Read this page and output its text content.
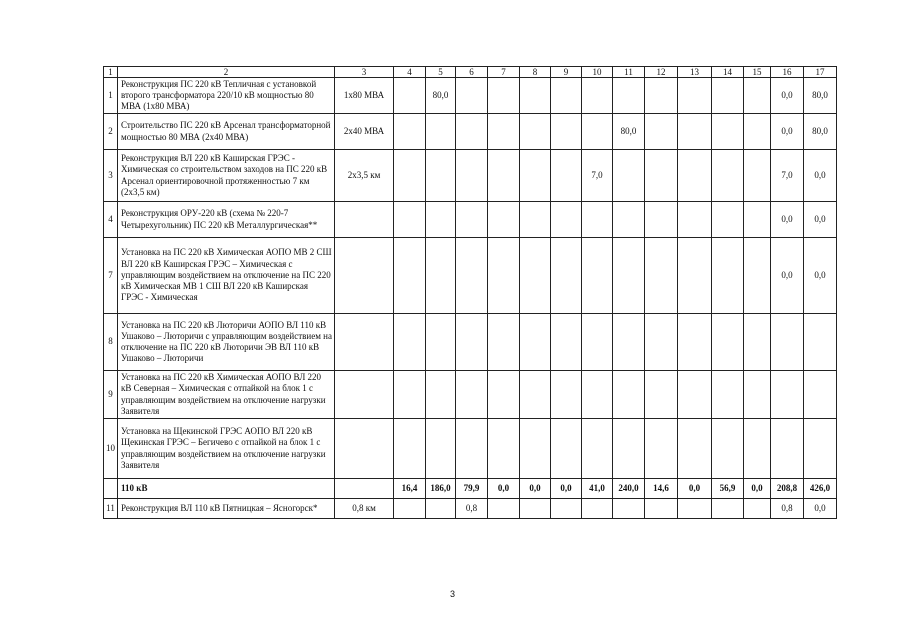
1	2	3	4	5	6	7	8	9	10	11	12	13	14	15	16	17
1	Реконструкция ПС 220 кВ Тепличная с установкой второго трансформатора 220/10 кВ мощностью 80 МВА (1х80 МВА)	1х80 МВА		80,0											0,0	80,0
2	Строительство ПС 220 кВ Арсенал трансформаторной мощностью 80 МВА (2х40 МВА)	2х40 МВА								80,0					0,0	80,0
3	Реконструкция ВЛ 220 кВ Каширская ГРЭС - Химическая со строительством заходов на ПС 220 кВ Арсенал ориентировочной протяженностью 7 км (2х3,5 км)	2х3,5 км							7,0						7,0	0,0
4	Реконструкция ОРУ-220 кВ (схема № 220-7 Четырехугольник) ПС 220 кВ Металлургическая**														0,0	0,0
7	Установка на ПС 220 кВ Химическая АОПО МВ 2 СШ ВЛ 220 кВ Каширская ГРЭС – Химическая с управляющим воздействием на отключение на ПС 220 кВ Химическая МВ 1 СШ ВЛ 220 кВ Каширская ГРЭС - Химическая														0,0	0,0
8	Установка на ПС 220 кВ Люторичи АОПО ВЛ 110 кВ Ушаково – Люторичи с управляющим воздействием на отключение на ПС 220 кВ Люторичи ЭВ ВЛ 110 кВ Ушаково – Люторичи															
9	Установка на ПС 220 кВ Химическая АОПО ВЛ 220 кВ Северная – Химическая с отпайкой на блок 1 с управляющим воздействием на отключение нагрузки Заявителя															
10	Установка на Щекинской ГРЭС АОПО ВЛ 220 кВ Щекинская ГРЭС – Бегичево с отпайкой на блок 1 с управляющим воздействием на отключение нагрузки Заявителя															
	110 кВ		16,4	186,0	79,9	0,0	0,0	0,0	41,0	240,0	14,6	0,0	56,9	0,0	208,8	426,0
11	Реконструкция ВЛ 110 кВ Пятницкая – Ясногорск*	0,8 км			0,8										0,8	0,0
3
